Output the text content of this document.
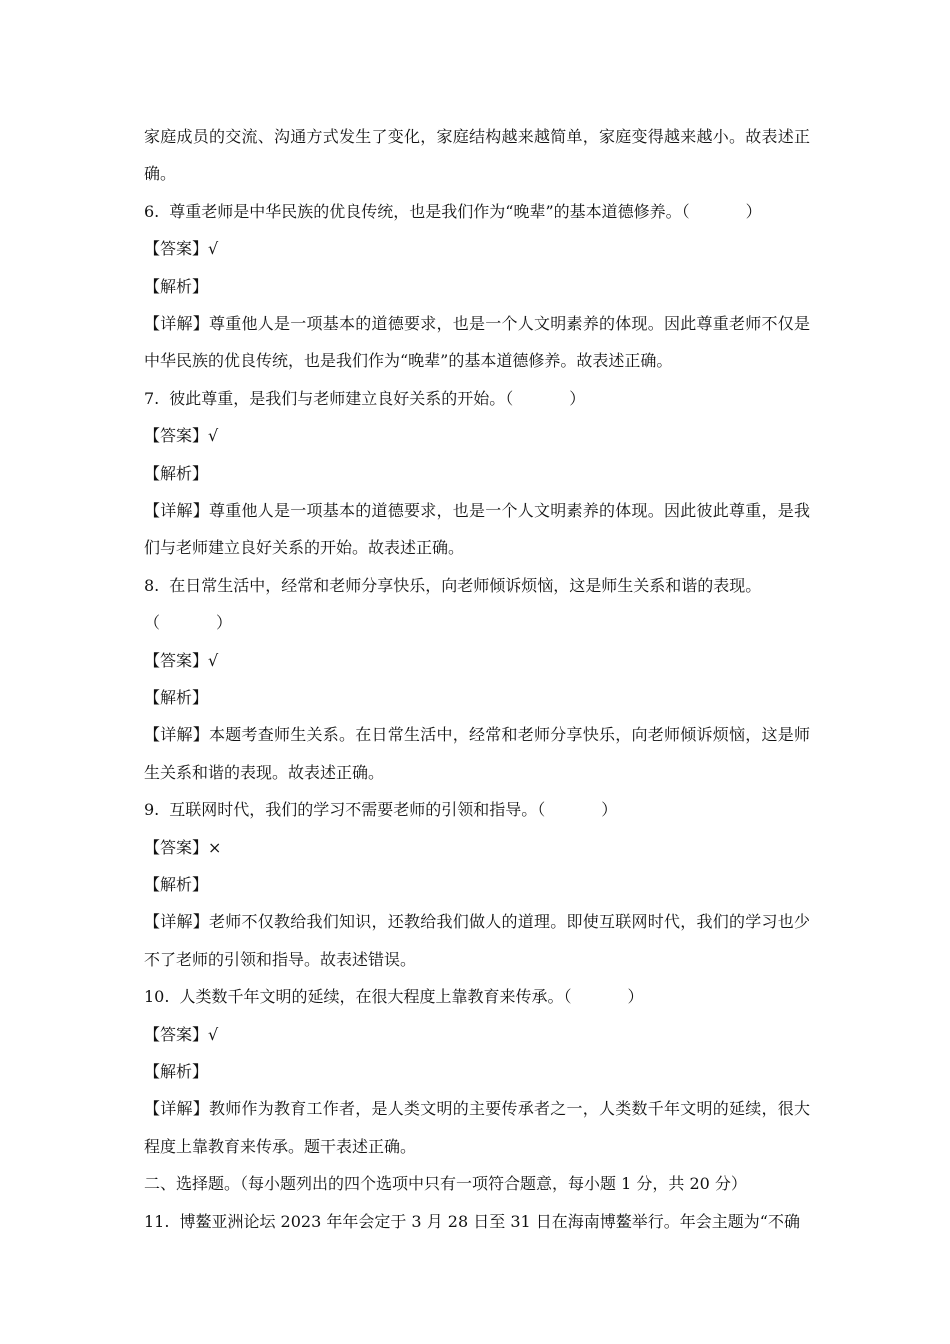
家庭成员的交流、沟通方式发生了变化，家庭结构越来越简单，家庭变得越来越小。故表述正确。
6. 尊重老师是中华民族的优良传统，也是我们作为“晚辈”的基本道德修养。（	）
【答案】√
【解析】
【详解】尊重他人是一项基本的道德要求，也是一个人文明素养的体现。因此尊重老师不仅是中华民族的优良传统，也是我们作为“晚辈”的基本道德修养。故表述正确。
7. 彼此尊重，是我们与老师建立良好关系的开始。（	）
【答案】√
【解析】
【详解】尊重他人是一项基本的道德要求，也是一个人文明素养的体现。因此彼此尊重，是我们与老师建立良好关系的开始。故表述正确。
8. 在日常生活中，经常和老师分享快乐，向老师倾诉烦恼，这是师生关系和谐的表现。
（	）
【答案】√
【解析】
【详解】本题考查师生关系。在日常生活中，经常和老师分享快乐，向老师倾诉烦恼，这是师生关系和谐的表现。故表述正确。
9. 互联网时代，我们的学习不需要老师的引领和指导。（	）
【答案】×
【解析】
【详解】老师不仅教给我们知识，还教给我们做人的道理。即使互联网时代，我们的学习也少不了老师的引领和指导。故表述错误。
10. 人类数千年文明的延续，在很大程度上靠教育来传承。（	）
【答案】√
【解析】
【详解】教师作为教育工作者，是人类文明的主要传承者之一，人类数千年文明的延续，很大程度上靠教育来传承。题干表述正确。
二、选择题。（每小题列出的四个选项中只有一项符合题意，每小题 1 分，共 20 分）
11. 博鳌亚洲论坛 2023 年年会定于 3 月 28 日至 31 日在海南博鳌举行。年会主题为“不确
